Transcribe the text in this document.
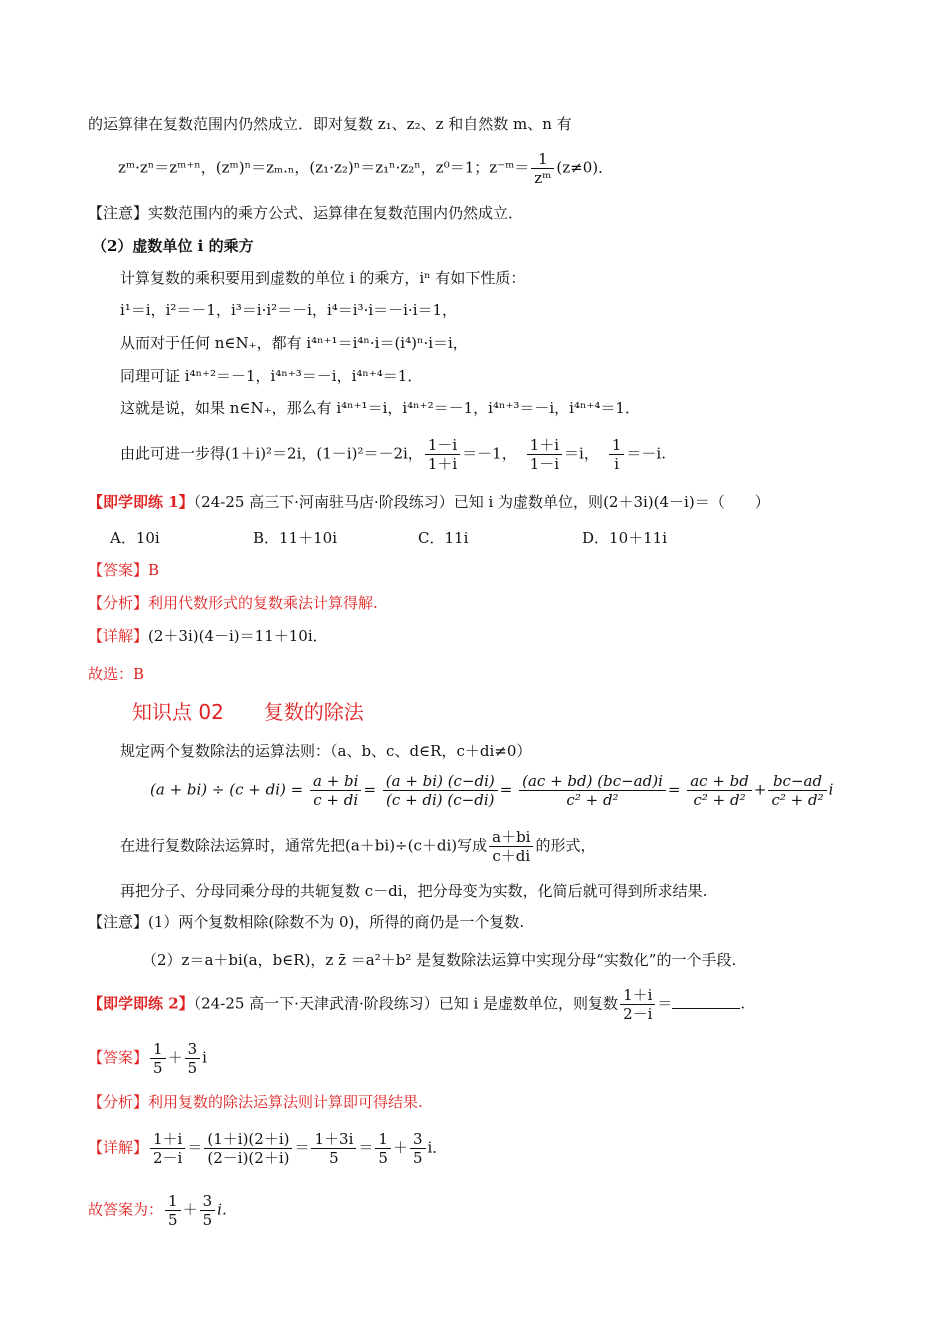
的运算律在复数范围内仍然成立．即对复数 z₁、z₂、z 和自然数 m、n 有
zᵐ·zⁿ＝zᵐ⁺ⁿ，(zᵐ)ⁿ＝zₘ.ₙ，(z₁·z₂)ⁿ＝z₁ⁿ·z₂ⁿ，z⁰＝1；z⁻ᵐ＝ $\frac{1}{\text{zᵐ}} (z\ne 0)$．
【注意】实数范围内的乘方公式、运算律在复数范围内仍然成立．
（2）虚数单位 i 的乘方
计算复数的乘积要用到虚数的单位 i 的乘方，iⁿ 有如下性质：
i¹＝i，i²＝－1，i³＝i·i²＝－i，i⁴＝i³·i＝－i·i＝1，
从而对于任何 n∈N₊，都有 i⁴ⁿ⁺¹＝i⁴ⁿ·i＝(i⁴)ⁿ·i＝i，
同理可证 i⁴ⁿ⁺²＝－1，i⁴ⁿ⁺³＝－i，i⁴ⁿ⁺⁴＝1．
这就是说，如果 n∈N₊，那么有 i⁴ⁿ⁺¹＝i，i⁴ⁿ⁺²＝－1，i⁴ⁿ⁺³＝－i，i⁴ⁿ⁺⁴＝1．
由此可进一步得(1＋i)²＝2i，(1－i)²＝－2i， $\frac{1-i}{1+i} =-1$， $\frac{1+i}{1-i} =i$， $\frac{1}{i} =-i$.
【即学即练 1】（24-25 高三下·河南驻马店·阶段练习）已知 i 为虚数单位，则(2＋3i)(4－i)＝（　　）
A．10i	B．11＋10i	C．11i	D．10＋11i
【答案】B
【分析】利用代数形式的复数乘法计算得解.
【详解】(2＋3i)(4－i)＝11＋10i．
故选：B
知识点 02　　复数的除法
规定两个复数除法的运算法则：（a、b、c、d∈R，c＋di≠0）
$(a + bi) \div (c + di) = \frac{a + bi}{c + di} = \frac{(a + bi) (c-di)}{(c + di) (c-di)} = \frac{(ac + bd) (bc-ad)i}{\text{c² + d²}} = \frac{ac + bd}{\text{c² + d²}} + \frac{bc-ad}{\text{c² + d²}}$ i
在进行复数除法运算时，通常先把(a＋bi)÷(c＋di)写成 $\frac{a+bi}{c+di}$ 的形式，
再把分子、分母同乘分母的共轭复数 c－di，把分母变为实数，化简后就可得到所求结果.
【注意】(1）两个复数相除(除数不为 0)，所得的商仍是一个复数.
（2）z＝a＋bi(a，b∈R)，z z̄ ＝a²＋b² 是复数除法运算中实现分母“实数化”的一个手段.
【即学即练 2】（24-25 高一下·天津武清·阶段练习）已知 i 是虚数单位，则复数 $\frac{1+i}{2-i}$ ＝	.
【答案】 $\frac{1}{5} + \frac{3}{5}$ i
【分析】利用复数的除法运算法则计算即可得结果.
【详解】 $\frac{1+i}{2-i} = \frac{(1+i)(2+i)}{(2-i)(2+i)} = \frac{1+3i}{5} = \frac{1}{5} + \frac{3}{5}$ i．
故答案为： $\frac{1}{5} + \frac{3}{5}$ i．
